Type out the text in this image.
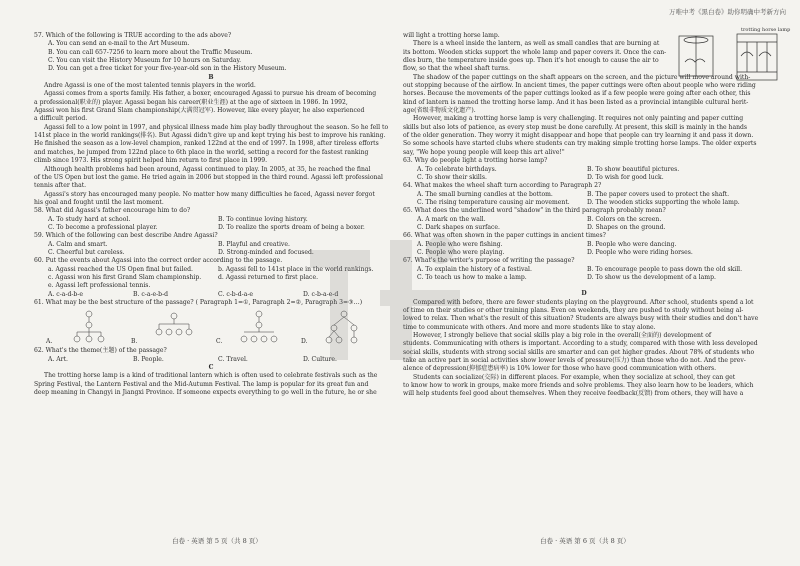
万唯中考《黑白卷》助你明确中考新方向
57. Which of the following is TRUE according to the ads above?
A. You can send an e-mail to the Art Museum.
B. You can call 657-7256 to learn more about the Traffic Museum.
C. You can visit the History Museum for 10 hours on Saturday.
D. You can get a free ticket for your five-year-old son in the History Museum.
B
Andre Agassi is one of the most talented tennis players in the world.
Agassi comes from a sports family. His father, a boxer, encouraged Agassi to pursue his dream of becoming
a professional(职业的) player. Agassi began his career(职业生涯) at the age of sixteen in 1986. In 1992,
Agassi won his first Grand Slam championship(大满贯冠军). However, like every player, he also experienced
a difficult period.
Agassi fell to a low point in 1997, and physical illness made him play badly throughout the season. So he fell to
141st place in the world rankings(排名). But Agassi didn't give up and kept trying his best to improve his ranking.
He finished the season as a low-level champion, ranked 122nd at the end of 1997. In 1998, after tireless efforts
and matches, he jumped from 122nd place to 6th place in the world, setting a record for the fastest ranking
climb since 1973. His strong spirit helped him return to first place in 1999.
Although health problems had been around, Agassi continued to play. In 2005, at 35, he reached the final
of the US Open but lost the game. He tried again in 2006 but stopped in the third round. Agassi left professional
tennis after that.
Agassi's story has encouraged many people. No matter how many difficulties he faced, Agassi never forgot
his goal and fought until the last moment.
58. What did Agassi's father encourage him to do?
A. To study hard at school.	B. To continue loving history.
C. To become a professional player.	D. To realize the sports dream of being a boxer.
59. Which of the following can best describe Andre Agassi?
A. Calm and smart.	B. Playful and creative.
C. Cheerful but careless.	D. Strong-minded and focused.
60. Put the events about Agassi into the correct order according to the passage.
a. Agassi reached the US Open final but failed.	b. Agassi fell to 141st place in the world rankings.
c. Agassi won his first Grand Slam championship.	d. Agassi returned to first place.
e. Agassi left professional tennis.
A. c-a-d-b-e	B. c-a-e-b-d	C. c-b-d-a-e	D. c-b-a-e-d
61. What may be the best structure of the passage? ( Paragraph 1=①, Paragraph 2=②, Paragraph 3=③…)
A.	B.	C.	D.
62. What's the theme(主题) of the passage?
A. Art.	B. People.	C. Travel.	D. Culture.
C
The trotting horse lamp is a kind of traditional lantern which is often used to celebrate festivals such as the
Spring Festival, the Lantern Festival and the Mid-Autumn Festival. The lamp is popular for its great fun and
deep meaning in Changyi in Jiangxi Province. If someone expects everything to go well in the future, he or she
will light a trotting horse lamp.
There is a wheel inside the lantern, as well as small candles that are burning at
its bottom. Wooden sticks support the whole lamp and paper covers it. Once the can-
dles burn, the temperature inside goes up. Then it's hot enough to cause the air to
flow, so that the wheel shaft turns.
The shadow of the paper cuttings on the shaft appears on the screen, and the picture will move around with-
out stopping because of the airflow. In ancient times, the paper cuttings were often about people who were riding
horses. Because the movements of the paper cuttings looked as if a few people were going after each other, this
kind of lantern is named the trotting horse lamp. And it has been listed as a provincial intangible cultural herit-
age(省级非物质文化遗产).
However, making a trotting horse lamp is very challenging. It requires not only painting and paper cutting
skills but also lots of patience, as every step must be done carefully. At present, this skill is mainly in the hands
of the older generation. They worry it might disappear and hope that people can try learning it and pass it down.
So some schools have started clubs where students can try making simple trotting horse lamps. The older experts
say, "We hope young people will keep this art alive!"
63. Why do people light a trotting horse lamp?
A. To celebrate birthdays.	B. To show beautiful pictures.
C. To show their skills.	D. To wish for good luck.
64. What makes the wheel shaft turn according to Paragraph 2?
A. The small burning candles at the bottom.	B. The paper covers used to protect the shaft.
C. The rising temperature causing air movement.	D. The wooden sticks supporting the whole lamp.
65. What does the underlined word "shadow" in the third paragraph probably mean?
A. A mark on the wall.	B. Colors on the screen.
C. Dark shapes on surface.	D. Shapes on the ground.
66. What was often shown in the paper cuttings in ancient times?
A. People who were fishing.	B. People who were dancing.
C. People who were playing.	D. People who were riding horses.
67. What's the writer's purpose of writing the passage?
A. To explain the history of a festival.	B. To encourage people to pass down the old skill.
C. To teach us how to make a lamp.	D. To show us the development of a lamp.
D
Compared with before, there are fewer students playing on the playground. After school, students spend a lot
of time on their studies or other training plans. Even on weekends, they are pushed to study without being al-
lowed to relax. Then what's the result of this situation? Students are always busy with their studies and don't have
time to communicate with others. And more and more students like to stay alone.
However, I strongly believe that social skills play a big role in the overall(全面的) development of
students. Communicating with others is important. According to a study, compared with those with less developed
social skills, students with strong social skills are smarter and can get higher grades. About 78% of students who
take an active part in social activities show lower levels of pressure(压力) than those who do not. And the prev-
alence of depression(抑郁症患病率) is 10% lower for those who have good communication with others.
Students can socialize(交际) in different places. For example, when they socialize at school, they can get
to know how to work in groups, make more friends and solve problems. They also learn how to be leaders, which
will help students feel good about themselves. When they receive feedback(反馈) from others, they will have a
trotting horse lamp
白卷 · 英语 第 5 页（共 8 页）	白卷 · 英语 第 6 页（共 8 页）
